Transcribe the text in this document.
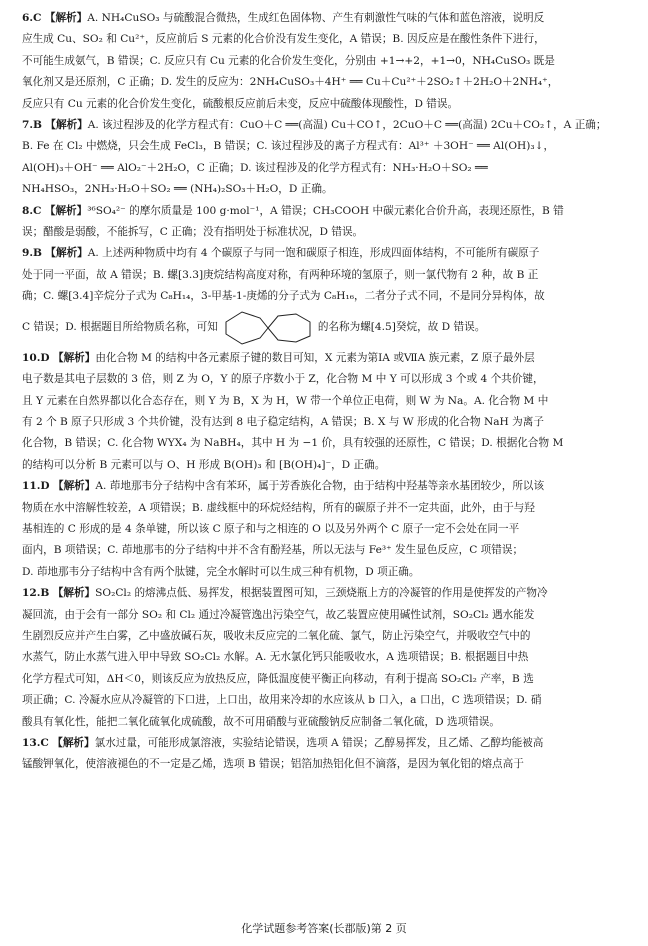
6.C 【解析】A. NH₄CuSO₃ 与硫酸混合微热，生成红色固体物、产生有刺激性气味的气体和蓝色溶液，说明反
应生成 Cu、SO₂ 和 Cu²⁺，反应前后 S 元素的化合价没有发生变化，A 错误；B. 因反应是在酸性条件下进行，
不可能生成氨气，B 错误；C. 反应只有 Cu 元素的化合价发生变化，分别由 +1→+2，+1→0，NH₄CuSO₃ 既是
氧化剂又是还原剂，C 正确；D. 发生的反应为：2NH₄CuSO₃＋4H⁺ ══ Cu＋Cu²⁺＋2SO₂↑＋2H₂O＋2NH₄⁺，
反应只有 Cu 元素的化合价发生变化，硫酸根反应前后未变，反应中硫酸体现酸性，D 错误。
7.B 【解析】A. 该过程涉及的化学方程式有：CuO＋C ══(高温) Cu＋CO↑，2CuO＋C ══(高温) 2Cu＋CO₂↑，A 正确；
B. Fe 在 Cl₂ 中燃烧，只会生成 FeCl₃，B 错误；C. 该过程涉及的离子方程式有：Al³⁺ ＋3OH⁻ ══ Al(OH)₃↓，
Al(OH)₃＋OH⁻ ══ AlO₂⁻＋2H₂O，C 正确；D. 该过程涉及的化学方程式有：NH₃·H₂O＋SO₂ ══
NH₄HSO₃，2NH₃·H₂O＋SO₂ ══ (NH₄)₂SO₃＋H₂O，D 正确。
8.C 【解析】³⁶SO₄²⁻ 的摩尔质量是 100 g·mol⁻¹，A 错误；CH₃COOH 中碳元素化合价升高，表现还原性，B 错
误；醋酸是弱酸，不能拆写，C 正确；没有指明处于标准状况，D 错误。
9.B 【解析】A. 上述两种物质中均有 4 个碳原子与同一饱和碳原子相连，形成四面体结构，不可能所有碳原子
处于同一平面，故 A 错误；B. 螺[3.3]庚烷结构高度对称，有两种环境的氢原子，则一氯代物有 2 种，故 B 正
确；C. 螺[3.4]辛烷分子式为 C₈H₁₄，3-甲基-1-庚烯的分子式为 C₈H₁₆，二者分子式不同，不是同分异构体，故
C 错误；D. 根据题目所给物质名称，可知	的名称为螺[4.5]癸烷，故 D 错误。
10.D 【解析】由化合物 M 的结构中各元素原子键的数目可知，X 元素为第ⅠA 或ⅦA 族元素，Z 原子最外层
电子数是其电子层数的 3 倍，则 Z 为 O，Y 的原子序数小于 Z，化合物 M 中 Y 可以形成 3 个或 4 个共价键，
且 Y 元素在自然界都以化合态存在，则 Y 为 B，X 为 H，W 带一个单位正电荷，则 W 为 Na。A. 化合物 M 中
有 2 个 B 原子只形成 3 个共价键，没有达到 8 电子稳定结构，A 错误；B. X 与 W 形成的化合物 NaH 为离子
化合物，B 错误；C. 化合物 WYX₄ 为 NaBH₄，其中 H 为 −1 价，具有较强的还原性，C 错误；D. 根据化合物 M
的结构可以分析 B 元素可以与 O、H 形成 B(OH)₃ 和 [B(OH)₄]⁻，D 正确。
11.D 【解析】A. 茚地那韦分子结构中含有苯环，属于芳香族化合物，由于结构中羟基等亲水基团较少，所以该
物质在水中溶解性较差，A 项错误；B. 虚线框中的环烷烃结构，所有的碳原子并不一定共面，此外，由于与羟
基相连的 C 形成的是 4 条单键，所以该 C 原子和与之相连的 O 以及另外两个 C 原子一定不会处在同一平
面内，B 项错误；C. 茚地那韦的分子结构中并不含有酚羟基，所以无法与 Fe³⁺ 发生显色反应，C 项错误；
D. 茚地那韦分子结构中含有两个肽键，完全水解时可以生成三种有机物，D 项正确。
12.B 【解析】SO₂Cl₂ 的熔沸点低、易挥发，根据装置图可知，三颈烧瓶上方的冷凝管的作用是使挥发的产物冷
凝回流，由于会有一部分 SO₂ 和 Cl₂ 通过冷凝管逸出污染空气，故乙装置应使用碱性试剂，SO₂Cl₂ 遇水能发
生剧烈反应并产生白雾，乙中盛放碱石灰，吸收未反应完的二氧化硫、氯气，防止污染空气，并吸收空气中的
水蒸气，防止水蒸气进入甲中导致 SO₂Cl₂ 水解。A. 无水氯化钙只能吸收水，A 选项错误；B. 根据题目中热
化学方程式可知，ΔH＜0，则该反应为放热反应，降低温度使平衡正向移动，有利于提高 SO₂Cl₂ 产率，B 选
项正确；C. 冷凝水应从冷凝管的下口进，上口出，故用来冷却的水应该从 b 口入，a 口出，C 选项错误；D. 硝
酸具有氧化性，能把二氧化硫氧化成硫酸，故不可用硝酸与亚硫酸钠反应制备二氧化硫，D 选项错误。
13.C 【解析】氯水过量，可能形成氯溶液，实验结论错误，选项 A 错误；乙醇易挥发，且乙烯、乙醇均能被高
锰酸钾氧化，使溶液褪色的不一定是乙烯，选项 B 错误；铝箔加热铝化但不滴落，是因为氧化铝的熔点高于
化学试题参考答案(长郡版)第 2 页
